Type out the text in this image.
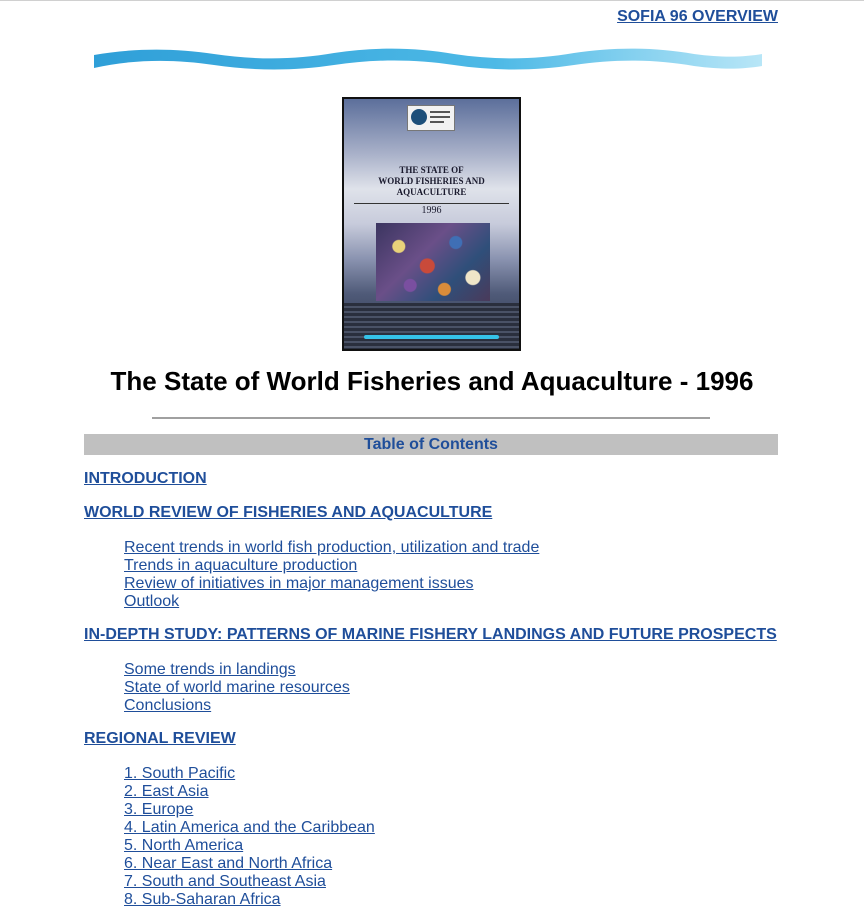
SOFIA 96 OVERVIEW
THE STATE OF
WORLD FISHERIES AND
AQUACULTURE
1996
The State of World Fisheries and Aquaculture - 1996
Table of Contents
INTRODUCTION
WORLD REVIEW OF FISHERIES AND AQUACULTURE
Recent trends in world fish production, utilization and trade
Trends in aquaculture production
Review of initiatives in major management issues
Outlook
IN-DEPTH STUDY: PATTERNS OF MARINE FISHERY LANDINGS AND FUTURE PROSPECTS
Some trends in landings
State of world marine resources
Conclusions
REGIONAL REVIEW
1. South Pacific
2. East Asia
3. Europe
4. Latin America and the Caribbean
5. North America
6. Near East and North Africa
7. South and Southeast Asia
8. Sub-Saharan Africa
